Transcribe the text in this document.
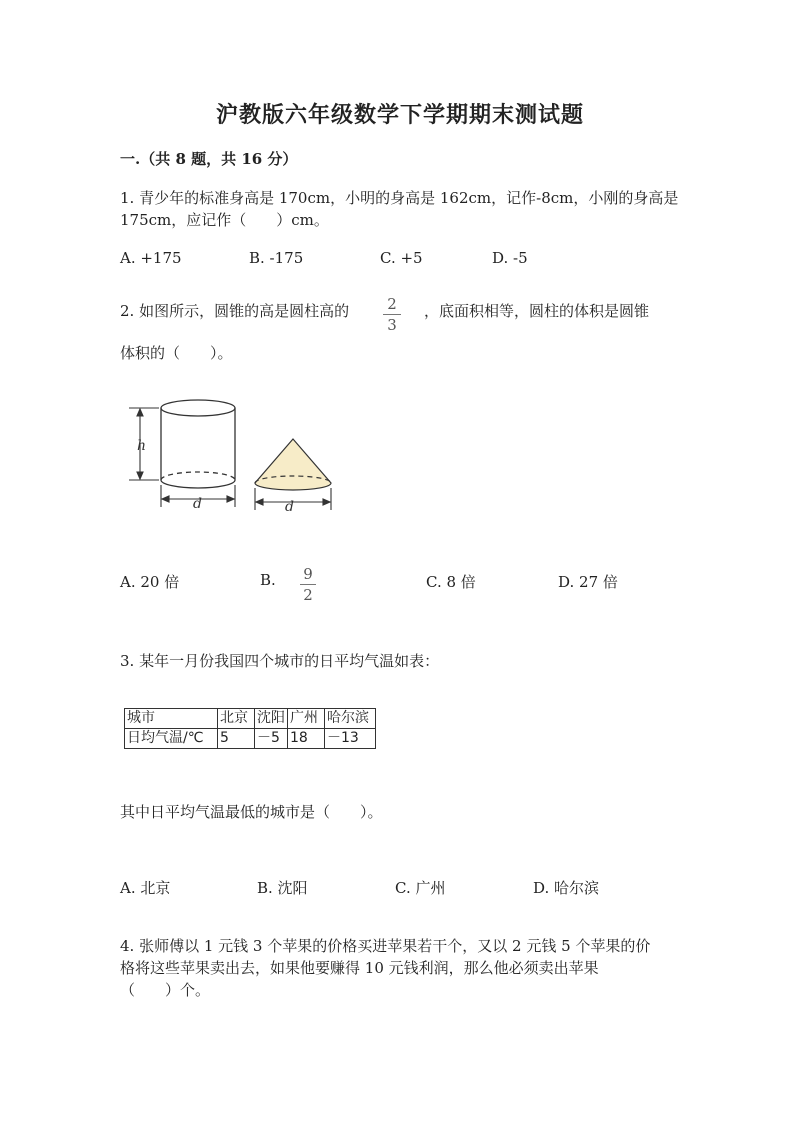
沪教版六年级数学下学期期末测试题
一.（共 8 题，共 16 分）
1. 青少年的标准身高是 170cm，小明的身高是 162cm，记作-8cm，小刚的身高是
175cm，应记作（　　）cm。
A. +175	B. -175	C. +5	D. -5
2. 如图所示，圆锥的高是圆柱高的	2
3
，底面积相等，圆柱的体积是圆锥
体积的（　　）。
h
d	d
A. 20 倍	B. 9
2
C. 8 倍	D. 27 倍
3. 某年一月份我国四个城市的日平均气温如表：
城市	北京	沈阳	广州	哈尔滨
日均气温/℃	5	－5	18	－13
其中日平均气温最低的城市是（　　）。
A. 北京	B. 沈阳	C. 广州	D. 哈尔滨
4. 张师傅以 1 元钱 3 个苹果的价格买进苹果若干个，又以 2 元钱 5 个苹果的价
格将这些苹果卖出去，如果他要赚得 10 元钱利润，那么他必须卖出苹果
（　　）个。
